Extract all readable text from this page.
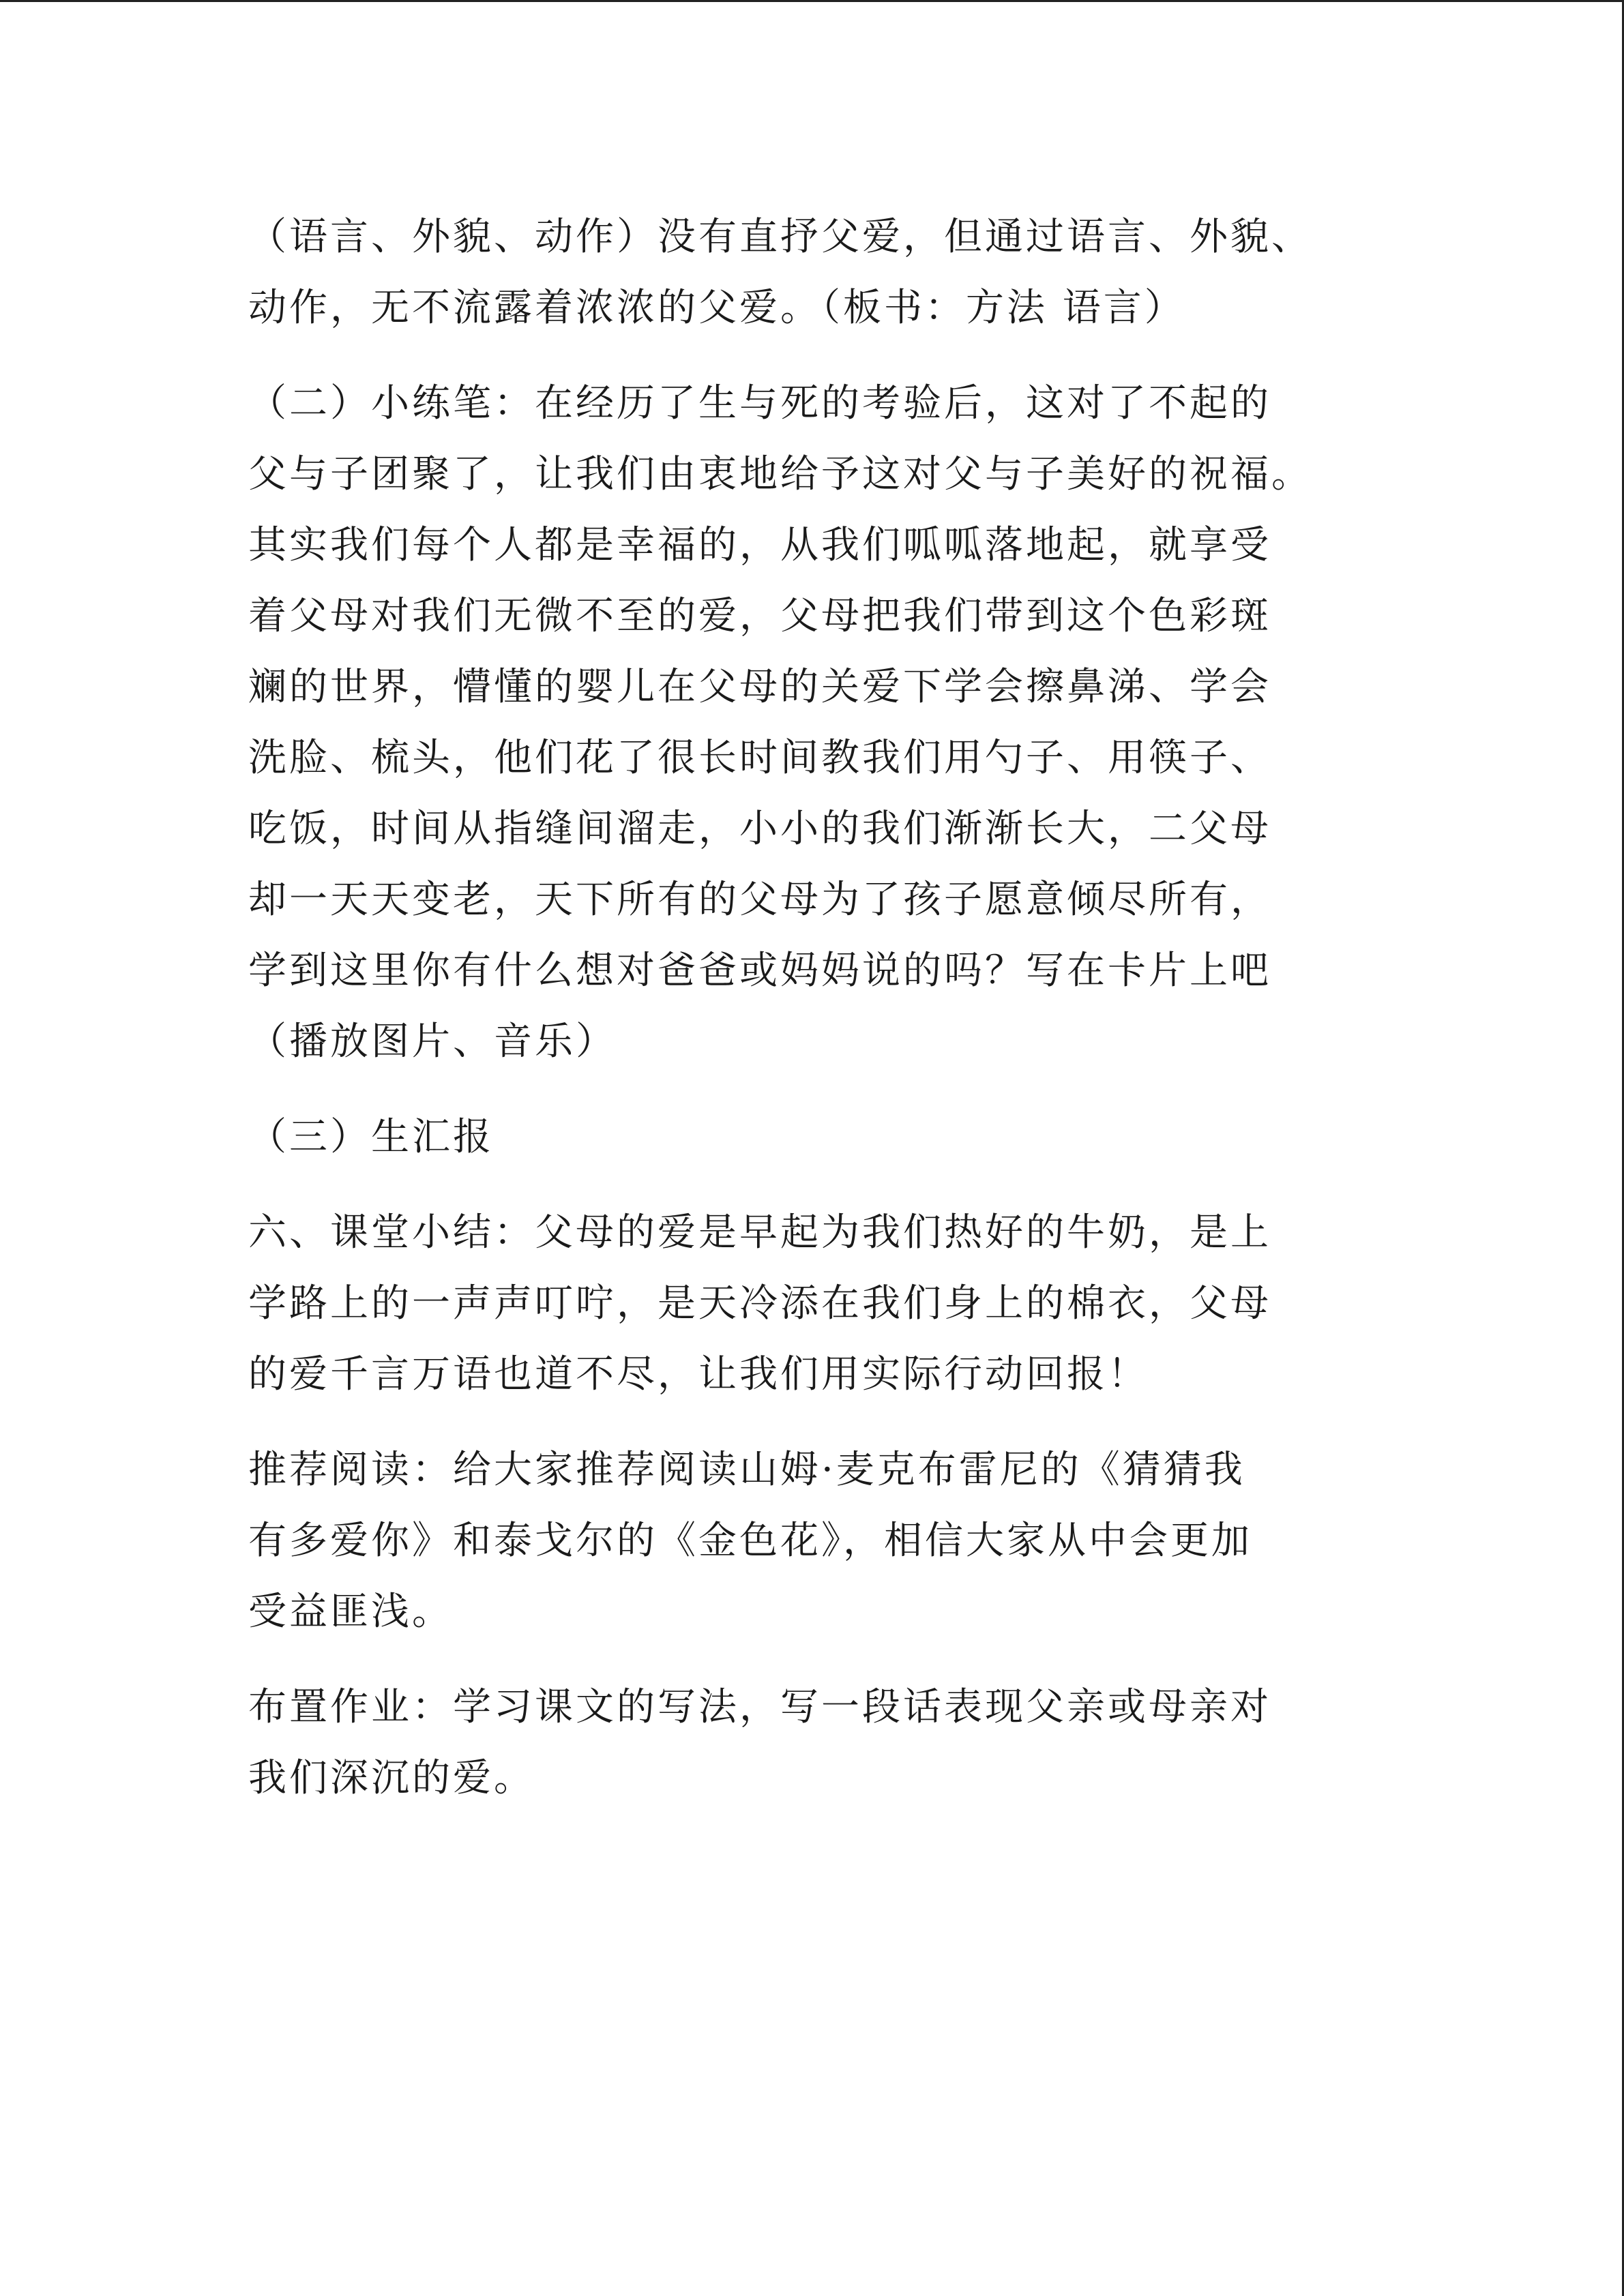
（语言、外貌、动作）没有直抒父爱，但通过语言、外貌、
动作，无不流露着浓浓的父爱。（板书：方法 语言）

（二）小练笔：在经历了生与死的考验后，这对了不起的
父与子团聚了，让我们由衷地给予这对父与子美好的祝福。
其实我们每个人都是幸福的，从我们呱呱落地起，就享受
着父母对我们无微不至的爱，父母把我们带到这个色彩斑
斓的世界，懵懂的婴儿在父母的关爱下学会擦鼻涕、学会
洗脸、梳头，他们花了很长时间教我们用勺子、用筷子、
吃饭，时间从指缝间溜走，小小的我们渐渐长大，二父母
却一天天变老，天下所有的父母为了孩子愿意倾尽所有，
学到这里你有什么想对爸爸或妈妈说的吗？写在卡片上吧
（播放图片、音乐）

（三）生汇报

六、课堂小结：父母的爱是早起为我们热好的牛奶，是上
学路上的一声声叮咛，是天冷添在我们身上的棉衣，父母
的爱千言万语也道不尽，让我们用实际行动回报！

推荐阅读：给大家推荐阅读山姆·麦克布雷尼的《猜猜我
有多爱你》和泰戈尔的《金色花》，相信大家从中会更加
受益匪浅。

布置作业：学习课文的写法，写一段话表现父亲或母亲对
我们深沉的爱。
